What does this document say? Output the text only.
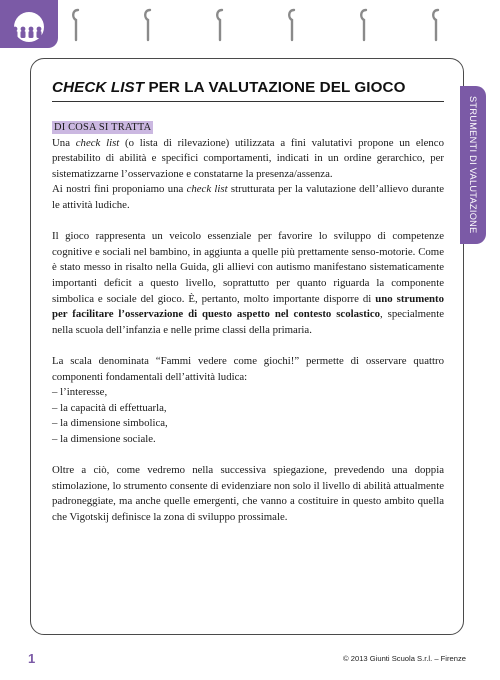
STRUMENTI DI VALUTAZIONE
CHECK LIST PER LA VALUTAZIONE DEL GIOCO
DI COSA SI TRATTA

Una check list (o lista di rilevazione) utilizzata a fini valutativi propone un elenco prestabilito di abilità e specifici comportamenti, indicati in un ordine gerarchico, per sistematizzarne l’osservazione e constatarne la presenza/assenza.
Ai nostri fini proponiamo una check list strutturata per la valutazione dell’allievo durante le attività ludiche.

Il gioco rappresenta un veicolo essenziale per favorire lo sviluppo di competenze cognitive e sociali nel bambino, in aggiunta a quelle più prettamente senso-motorie. Come è stato messo in risalto nella Guida, gli allievi con autismo manifestano sistematicamente importanti deficit a questo livello, soprattutto per quanto riguarda la componente simbolica e sociale del gioco. È, pertanto, molto importante disporre di uno strumento per facilitare l’osservazione di questo aspetto nel contesto scolastico, specialmente nella scuola dell’infanzia e nelle prime classi della primaria.

La scala denominata “Fammi vedere come giochi!” permette di osservare quattro componenti fondamentali dell’attività ludica:

– l’interesse,
– la capacità di effettuarla,
– la dimensione simbolica,
– la dimensione sociale.

Oltre a ciò, come vedremo nella successiva spiegazione, prevedendo una doppia stimolazione, lo strumento consente di evidenziare non solo il livello di abilità attualmente padroneggiate, ma anche quelle emergenti, che vanno a costituire in questo ambito quella che Vigotskij definisce la zona di sviluppo prossimale.

1	© 2013 Giunti Scuola S.r.l. – Firenze
